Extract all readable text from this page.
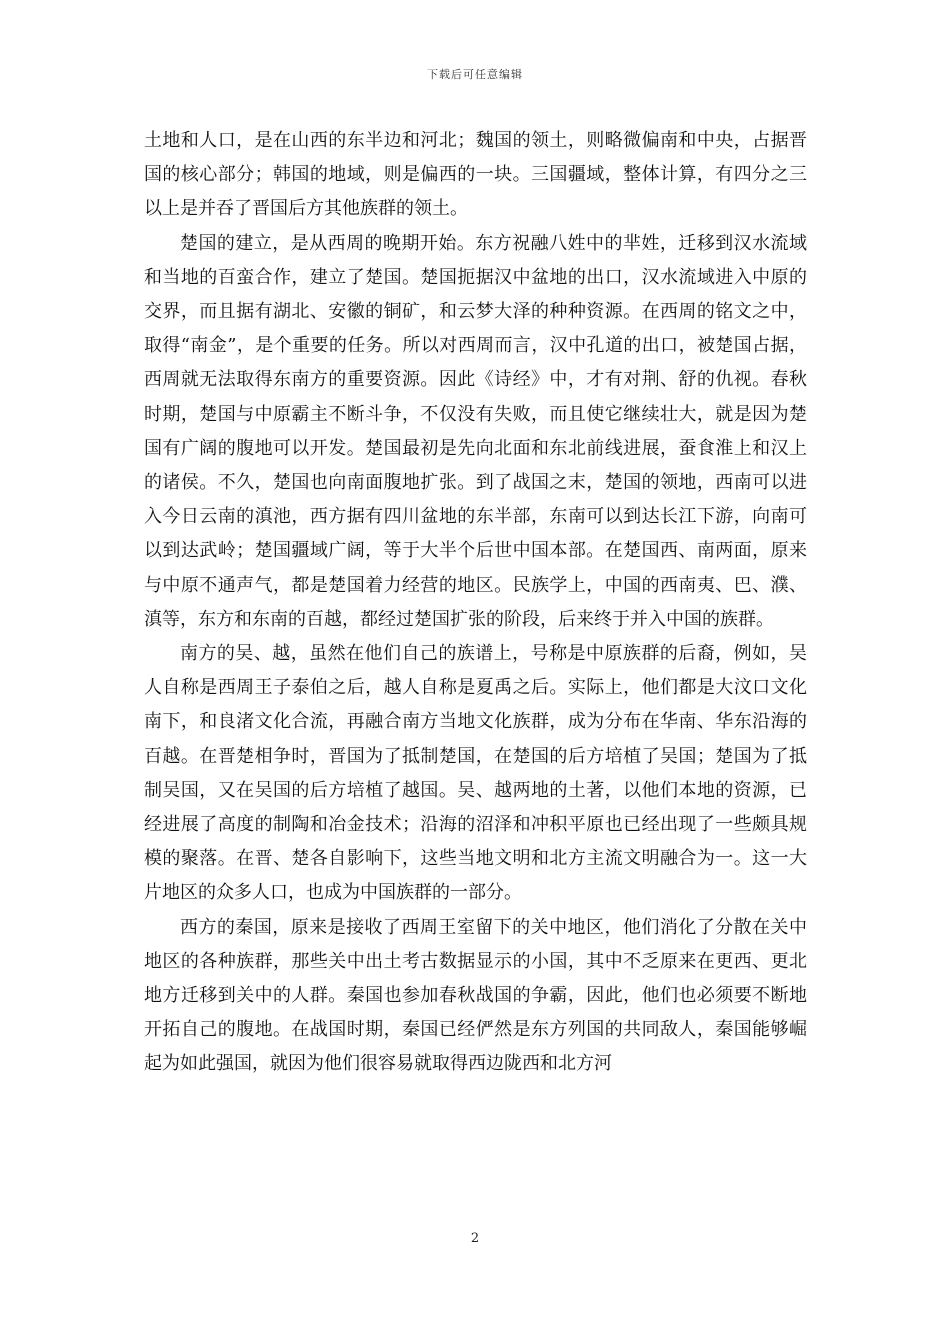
下载后可任意编辑

土地和人口，是在山西的东半边和河北；魏国的领土，则略微偏南和中央，占据晋国的核心部分；韩国的地域，则是偏西的一块。三国疆域，整体计算，有四分之三以上是并吞了晋国后方其他族群的领土。

楚国的建立，是从西周的晚期开始。东方祝融八姓中的芈姓，迁移到汉水流域和当地的百蛮合作，建立了楚国。楚国扼据汉中盆地的出口，汉水流域进入中原的交界，而且据有湖北、安徽的铜矿，和云梦大泽的种种资源。在西周的铭文之中，取得“南金”，是个重要的任务。所以对西周而言，汉中孔道的出口，被楚国占据，西周就无法取得东南方的重要资源。因此《诗经》中，才有对荆、舒的仇视。春秋时期，楚国与中原霸主不断斗争，不仅没有失败，而且使它继续壮大，就是因为楚国有广阔的腹地可以开发。楚国最初是先向北面和东北前线进展，蚕食淮上和汉上的诸侯。不久，楚国也向南面腹地扩张。到了战国之末，楚国的领地，西南可以进入今日云南的滇池，西方据有四川盆地的东半部，东南可以到达长江下游，向南可以到达武岭；楚国疆域广阔，等于大半个后世中国本部。在楚国西、南两面，原来与中原不通声气，都是楚国着力经营的地区。民族学上，中国的西南夷、巴、濮、滇等，东方和东南的百越，都经过楚国扩张的阶段，后来终于并入中国的族群。

南方的吴、越，虽然在他们自己的族谱上，号称是中原族群的后裔，例如，吴人自称是西周王子泰伯之后，越人自称是夏禹之后。实际上，他们都是大汶口文化南下，和良渚文化合流，再融合南方当地文化族群，成为分布在华南、华东沿海的百越。在晋楚相争时，晋国为了抵制楚国，在楚国的后方培植了吴国；楚国为了抵制吴国，又在吴国的后方培植了越国。吴、越两地的土著，以他们本地的资源，已经进展了高度的制陶和冶金技术；沿海的沼泽和冲积平原也已经出现了一些颇具规模的聚落。在晋、楚各自影响下，这些当地文明和北方主流文明融合为一。这一大片地区的众多人口，也成为中国族群的一部分。

西方的秦国，原来是接收了西周王室留下的关中地区，他们消化了分散在关中地区的各种族群，那些关中出土考古数据显示的小国，其中不乏原来在更西、更北地方迁移到关中的人群。秦国也参加春秋战国的争霸，因此，他们也必须要不断地开拓自己的腹地。在战国时期，秦国已经俨然是东方列国的共同敌人，秦国能够崛起为如此强国，就因为他们很容易就取得西边陇西和北方河

2
